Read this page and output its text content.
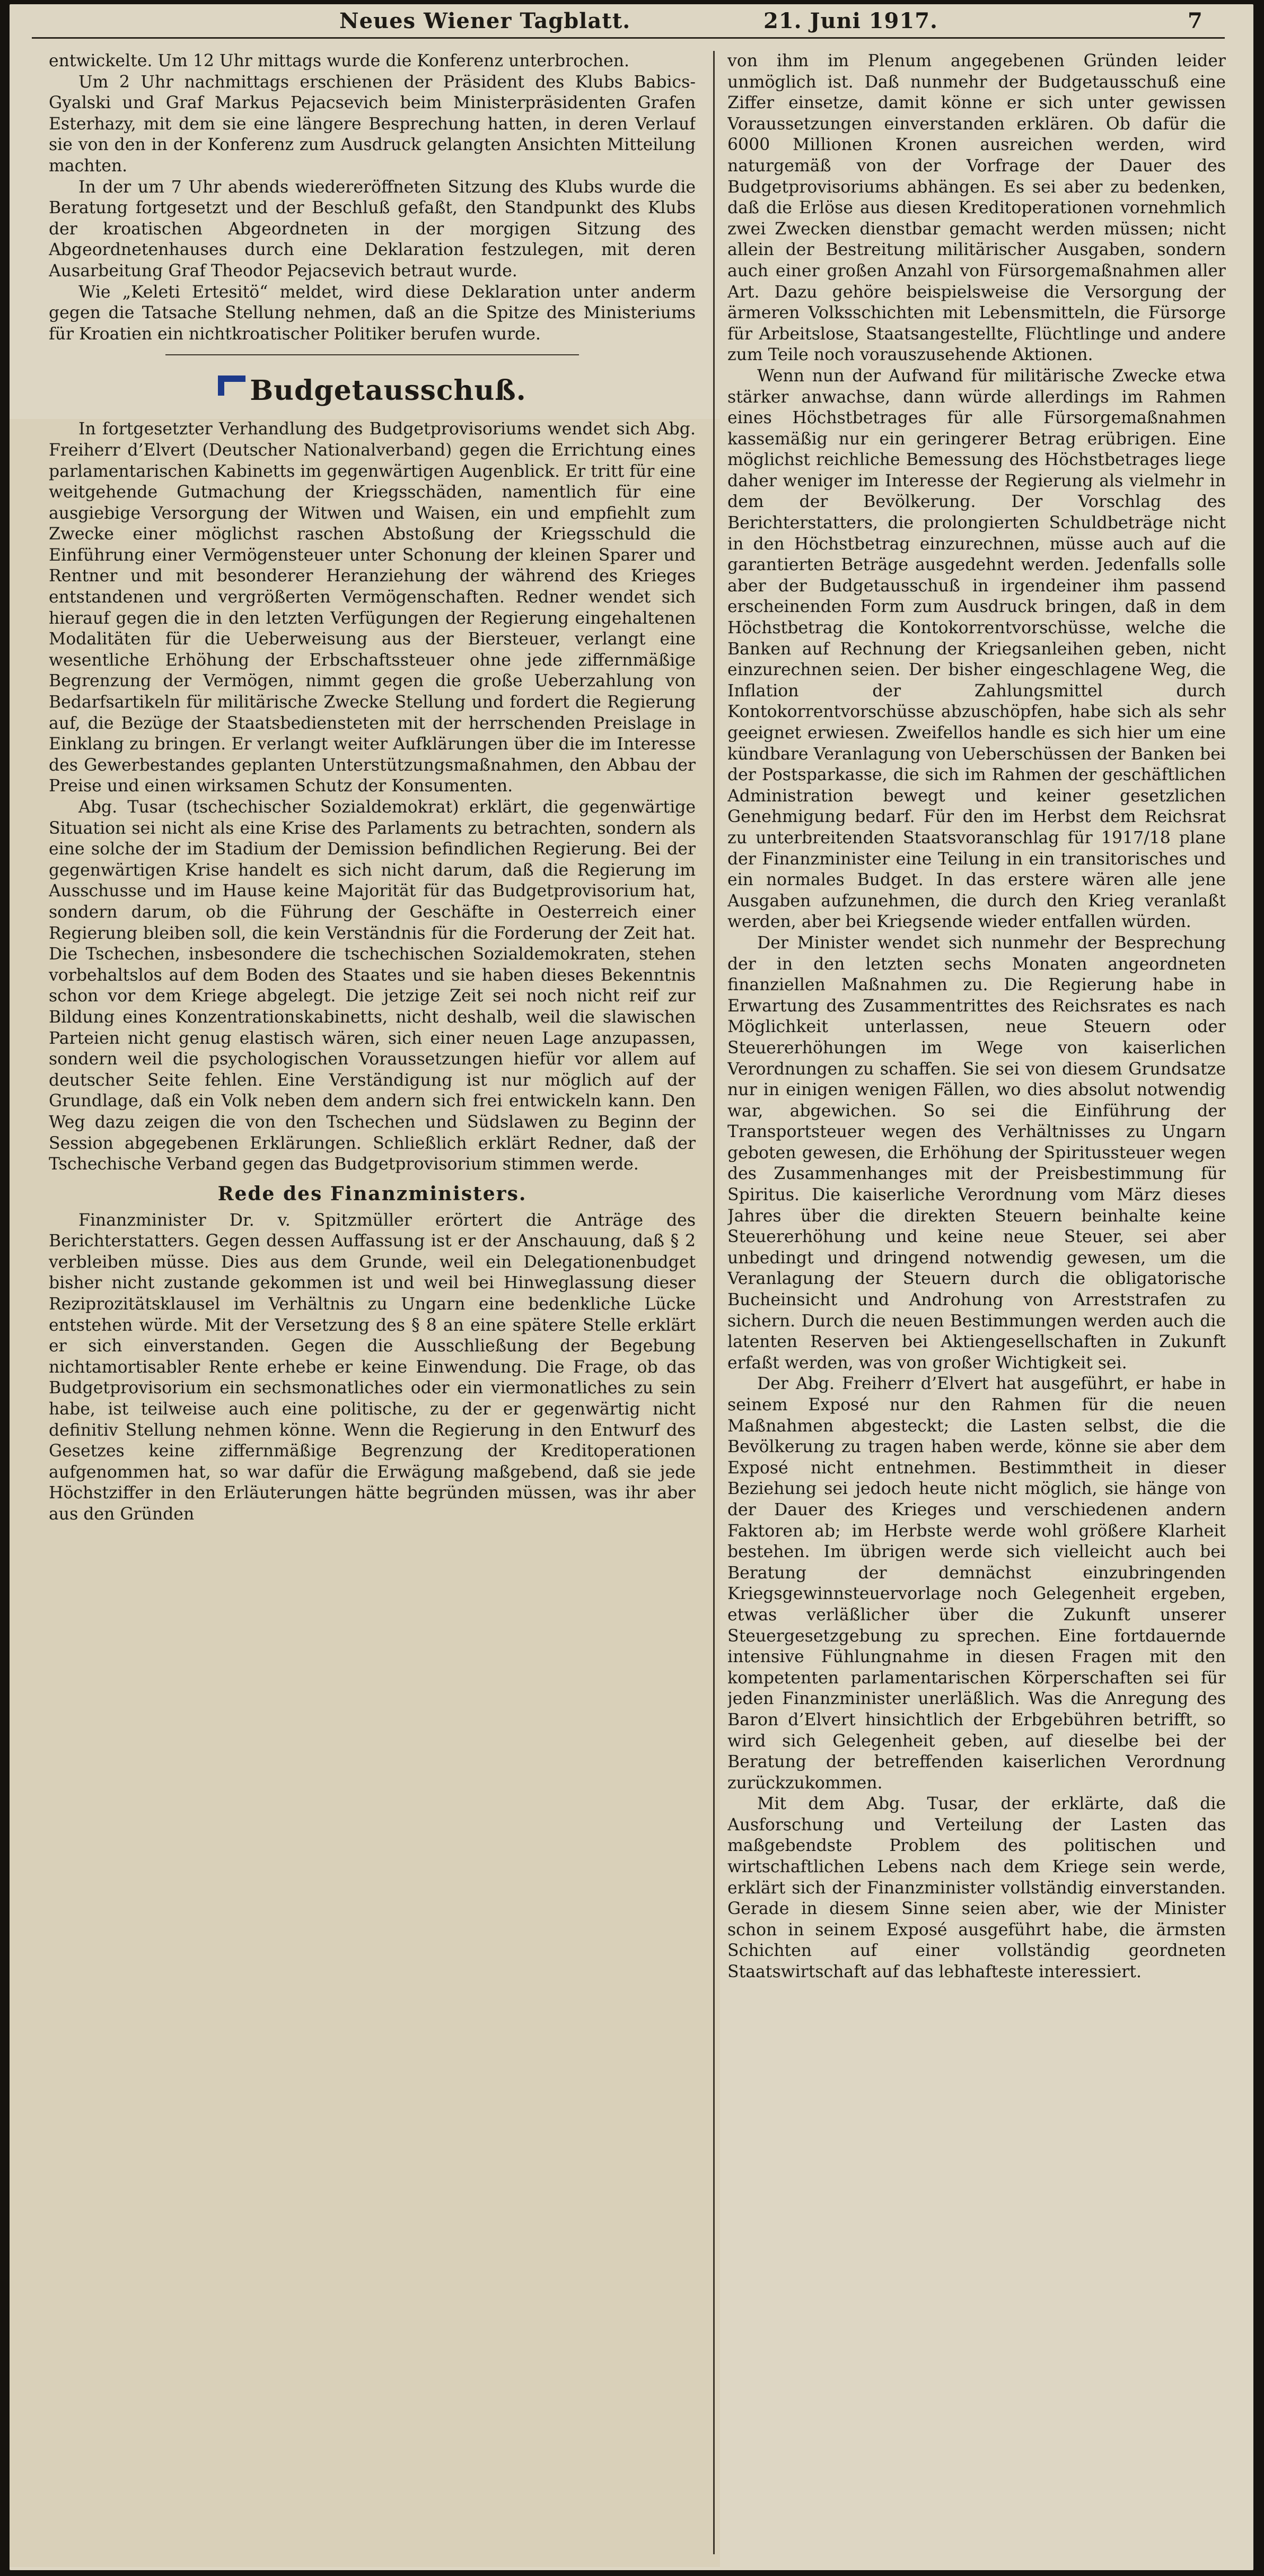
Neues Wiener Tagblatt.	21. Juni 1917.	7

entwickelte. Um 12 Uhr mittags wurde die Konferenz unterbrochen.

Um 2 Uhr nachmittags erschienen der Präsident des Klubs Babics-Gyalski und Graf Markus Pejacsevich beim Ministerpräsidenten Grafen Esterhazy, mit dem sie eine längere Besprechung hatten, in deren Verlauf sie von den in der Konferenz zum Ausdruck gelangten Ansichten Mitteilung machten.

In der um 7 Uhr abends wiedereröffneten Sitzung des Klubs wurde die Beratung fortgesetzt und der Beschluß gefaßt, den Standpunkt des Klubs der kroatischen Abgeordneten in der morgigen Sitzung des Abgeordnetenhauses durch eine Deklaration festzulegen, mit deren Ausarbeitung Graf Theodor Pejacsevich betraut wurde.

Wie „Keleti Ertesitö“ meldet, wird diese Deklaration unter anderm gegen die Tatsache Stellung nehmen, daß an die Spitze des Ministeriums für Kroatien ein nichtkroatischer Politiker berufen wurde.

Budgetausschuß.

In fortgesetzter Verhandlung des Budgetprovisoriums wendet sich Abg. Freiherr d’Elvert (Deutscher Nationalverband) gegen die Errichtung eines parlamentarischen Kabinetts im gegenwärtigen Augenblick. Er tritt für eine weitgehende Gutmachung der Kriegsschäden, namentlich für eine ausgiebige Versorgung der Witwen und Waisen, ein und empfiehlt zum Zwecke einer möglichst raschen Abstoßung der Kriegsschuld die Einführung einer Vermögensteuer unter Schonung der kleinen Sparer und Rentner und mit besonderer Heranziehung der während des Krieges entstandenen und vergrößerten Vermögenschaften. Redner wendet sich hierauf gegen die in den letzten Verfügungen der Regierung eingehaltenen Modalitäten für die Ueberweisung aus der Biersteuer, verlangt eine wesentliche Erhöhung der Erbschaftssteuer ohne jede ziffernmäßige Begrenzung der Vermögen, nimmt gegen die große Ueberzahlung von Bedarfsartikeln für militärische Zwecke Stellung und fordert die Regierung auf, die Bezüge der Staatsbediensteten mit der herrschenden Preislage in Einklang zu bringen. Er verlangt weiter Aufklärungen über die im Interesse des Gewerbestandes geplanten Unterstützungsmaßnahmen, den Abbau der Preise und einen wirksamen Schutz der Konsumenten.

Abg. Tusar (tschechischer Sozialdemokrat) erklärt, die gegenwärtige Situation sei nicht als eine Krise des Parlaments zu betrachten, sondern als eine solche der im Stadium der Demission befindlichen Regierung. Bei der gegenwärtigen Krise handelt es sich nicht darum, daß die Regierung im Ausschusse und im Hause keine Majorität für das Budgetprovisorium hat, sondern darum, ob die Führung der Geschäfte in Oesterreich einer Regierung bleiben soll, die kein Verständnis für die Forderung der Zeit hat. Die Tschechen, insbesondere die tschechischen Sozialdemokraten, stehen vorbehaltslos auf dem Boden des Staates und sie haben dieses Bekenntnis schon vor dem Kriege abgelegt. Die jetzige Zeit sei noch nicht reif zur Bildung eines Konzentrationskabinetts, nicht deshalb, weil die slawischen Parteien nicht genug elastisch wären, sich einer neuen Lage anzupassen, sondern weil die psychologischen Voraussetzungen hiefür vor allem auf deutscher Seite fehlen. Eine Verständigung ist nur möglich auf der Grundlage, daß ein Volk neben dem andern sich frei entwickeln kann. Den Weg dazu zeigen die von den Tschechen und Südslawen zu Beginn der Session abgegebenen Erklärungen. Schließlich erklärt Redner, daß der Tschechische Verband gegen das Budgetprovisorium stimmen werde.

Rede des Finanzministers.

Finanzminister Dr. v. Spitzmüller erörtert die Anträge des Berichterstatters. Gegen dessen Auffassung ist er der Anschauung, daß § 2 verbleiben müsse. Dies aus dem Grunde, weil ein Delegationenbudget bisher nicht zustande gekommen ist und weil bei Hinweglassung dieser Reziprozitätsklausel im Verhältnis zu Ungarn eine bedenkliche Lücke entstehen würde. Mit der Versetzung des § 8 an eine spätere Stelle erklärt er sich einverstanden. Gegen die Ausschließung der Begebung nichtamortisabler Rente erhebe er keine Einwendung. Die Frage, ob das Budgetprovisorium ein sechsmonatliches oder ein viermonatliches zu sein habe, ist teilweise auch eine politische, zu der er gegenwärtig nicht definitiv Stellung nehmen könne. Wenn die Regierung in den Entwurf des Gesetzes keine ziffernmäßige Begrenzung der Kreditoperationen aufgenommen hat, so war dafür die Erwägung maßgebend, daß sie jede Höchstziffer in den Erläuterungen hätte begründen müssen, was ihr aber aus den Gründen

von ihm im Plenum angegebenen Gründen leider unmöglich ist. Daß nunmehr der Budgetausschuß eine Ziffer einsetze, damit könne er sich unter gewissen Voraussetzungen einverstanden erklären. Ob dafür die 6000 Millionen Kronen ausreichen werden, wird naturgemäß von der Vorfrage der Dauer des Budgetprovisoriums abhängen. Es sei aber zu bedenken, daß die Erlöse aus diesen Kreditoperationen vornehmlich zwei Zwecken dienstbar gemacht werden müssen; nicht allein der Bestreitung militärischer Ausgaben, sondern auch einer großen Anzahl von Fürsorgemaßnahmen aller Art. Dazu gehöre beispielsweise die Versorgung der ärmeren Volksschichten mit Lebensmitteln, die Fürsorge für Arbeitslose, Staatsangestellte, Flüchtlinge und andere zum Teile noch vorauszusehende Aktionen.

Wenn nun der Aufwand für militärische Zwecke etwa stärker anwachse, dann würde allerdings im Rahmen eines Höchstbetrages für alle Fürsorgemaßnahmen kassemäßig nur ein geringerer Betrag erübrigen. Eine möglichst reichliche Bemessung des Höchstbetrages liege daher weniger im Interesse der Regierung als vielmehr in dem der Bevölkerung. Der Vorschlag des Berichterstatters, die prolongierten Schuldbeträge nicht in den Höchstbetrag einzurechnen, müsse auch auf die garantierten Beträge ausgedehnt werden. Jedenfalls solle aber der Budgetausschuß in irgendeiner ihm passend erscheinenden Form zum Ausdruck bringen, daß in dem Höchstbetrag die Kontokorrentvorschüsse, welche die Banken auf Rechnung der Kriegsanleihen geben, nicht einzurechnen seien. Der bisher eingeschlagene Weg, die Inflation der Zahlungsmittel durch Kontokorrentvorschüsse abzuschöpfen, habe sich als sehr geeignet erwiesen. Zweifellos handle es sich hier um eine kündbare Veranlagung von Ueberschüssen der Banken bei der Postsparkasse, die sich im Rahmen der geschäftlichen Administration bewegt und keiner gesetzlichen Genehmigung bedarf. Für den im Herbst dem Reichsrat zu unterbreitenden Staatsvoranschlag für 1917/18 plane der Finanzminister eine Teilung in ein transitorisches und ein normales Budget. In das erstere wären alle jene Ausgaben aufzunehmen, die durch den Krieg veranlaßt werden, aber bei Kriegsende wieder entfallen würden.

Der Minister wendet sich nunmehr der Besprechung der in den letzten sechs Monaten angeordneten finanziellen Maßnahmen zu. Die Regierung habe in Erwartung des Zusammentrittes des Reichsrates es nach Möglichkeit unterlassen, neue Steuern oder Steuererhöhungen im Wege von kaiserlichen Verordnungen zu schaffen. Sie sei von diesem Grundsatze nur in einigen wenigen Fällen, wo dies absolut notwendig war, abgewichen. So sei die Einführung der Transportsteuer wegen des Verhältnisses zu Ungarn geboten gewesen, die Erhöhung der Spiritussteuer wegen des Zusammenhanges mit der Preisbestimmung für Spiritus. Die kaiserliche Verordnung vom März dieses Jahres über die direkten Steuern beinhalte keine Steuererhöhung und keine neue Steuer, sei aber unbedingt und dringend notwendig gewesen, um die Veranlagung der Steuern durch die obligatorische Bucheinsicht und Androhung von Arreststrafen zu sichern. Durch die neuen Bestimmungen werden auch die latenten Reserven bei Aktiengesellschaften in Zukunft erfaßt werden, was von großer Wichtigkeit sei.

Der Abg. Freiherr d’Elvert hat ausgeführt, er habe in seinem Exposé nur den Rahmen für die neuen Maßnahmen abgesteckt; die Lasten selbst, die die Bevölkerung zu tragen haben werde, könne sie aber dem Exposé nicht entnehmen. Bestimmtheit in dieser Beziehung sei jedoch heute nicht möglich, sie hänge von der Dauer des Krieges und verschiedenen andern Faktoren ab; im Herbste werde wohl größere Klarheit bestehen. Im übrigen werde sich vielleicht auch bei Beratung der demnächst einzubringenden Kriegsgewinnsteuervorlage noch Gelegenheit ergeben, etwas verläßlicher über die Zukunft unserer Steuergesetzgebung zu sprechen. Eine fortdauernde intensive Fühlungnahme in diesen Fragen mit den kompetenten parlamentarischen Körperschaften sei für jeden Finanzminister unerläßlich. Was die Anregung des Baron d’Elvert hinsichtlich der Erbgebühren betrifft, so wird sich Gelegenheit geben, auf dieselbe bei der Beratung der betreffenden kaiserlichen Verordnung zurückzukommen.

Mit dem Abg. Tusar, der erklärte, daß die Ausforschung und Verteilung der Lasten das maßgebendste Problem des politischen und wirtschaftlichen Lebens nach dem Kriege sein werde, erklärt sich der Finanzminister vollständig einverstanden. Gerade in diesem Sinne seien aber, wie der Minister schon in seinem Exposé ausgeführt habe, die ärmsten Schichten auf einer vollständig geordneten Staatswirtschaft auf das lebhafteste interessiert.
